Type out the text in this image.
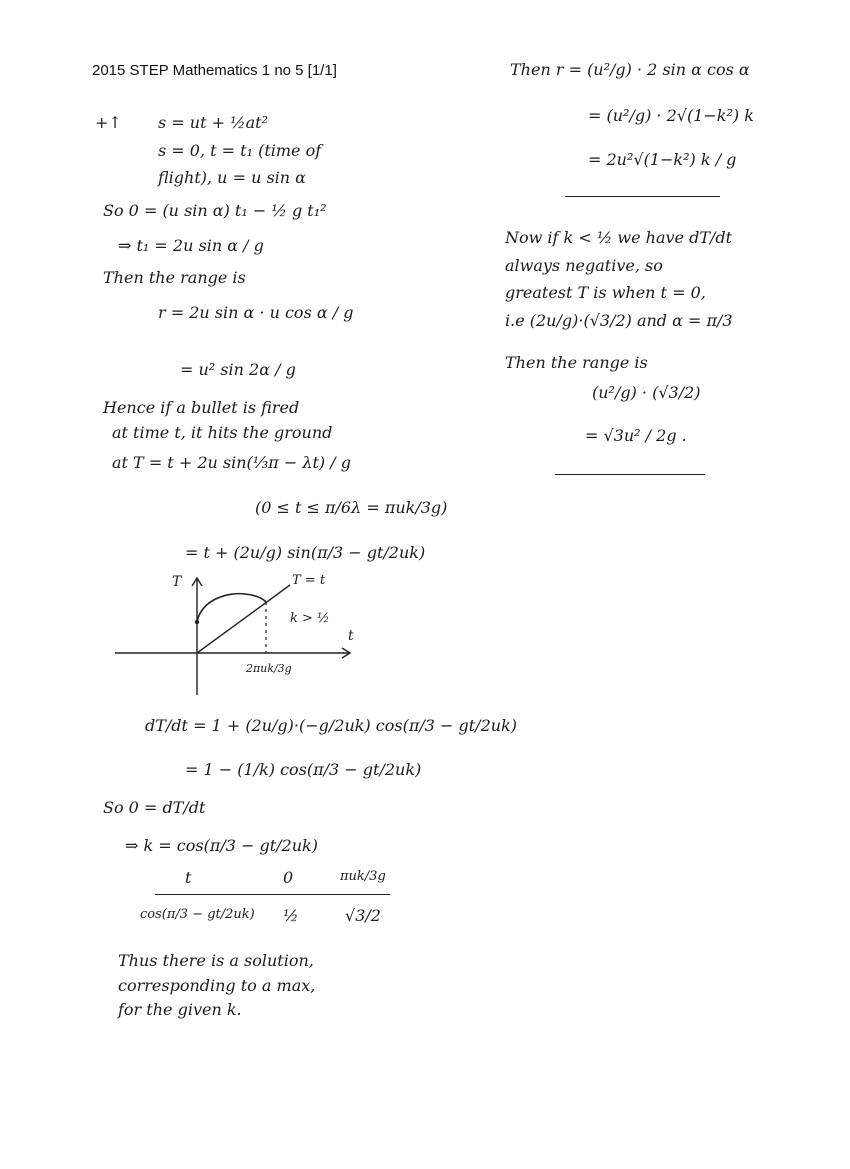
2015 STEP Mathematics 1 no 5 [1/1]
+↑ s = ut + ½at²
s = 0, t = t₁ (time of
flight), u = u sin α
So 0 = (u sin α) t₁ − ½ g t₁²
⇒ t₁ = 2u sin α / g
Then the range is
r = 2u sin α · u cos α / g
= u² sin 2α / g
Hence if a bullet is fired
at time t, it hits the ground
at T = t + 2u sin(⅓π − λt) / g
(0 ≤ t ≤ π/6λ = πuk/3g)
= t + (2u/g) sin(π/3 − gt/2uk)
T
t
T = t
k > ½
2πuk/3g
dT/dt = 1 + (2u/g)·(−g/2uk) cos(π/3 − gt/2uk)
= 1 − (1/k) cos(π/3 − gt/2uk)
So 0 = dT/dt
⇒ k = cos(π/3 − gt/2uk)
t	0	πuk/3g
cos(π/3 − gt/2uk) ½	√3/2
Thus there is a solution,
corresponding to a max,
for the given k.
Then r = (u²/g) · 2 sin α cos α
= (u²/g) · 2√(1−k²) k
= 2u²√(1−k²) k / g
Now if k < ½ we have dT/dt
always negative, so
greatest T is when t = 0,
i.e (2u/g)·(√3/2) and α = π/3
Then the range is
(u²/g) · (√3/2)
= √3u² / 2g .
